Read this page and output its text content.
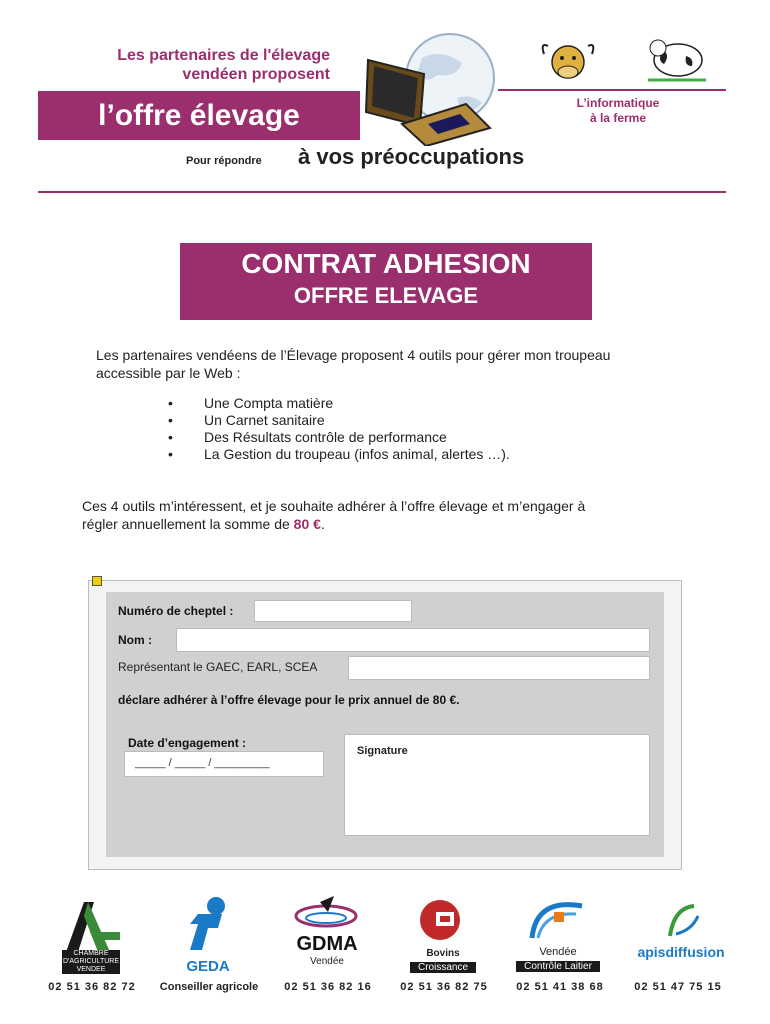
Les partenaires de l'élevage
vendéen proposent
l’offre élevage	L’informatique
à la ferme
Pour répondre à vos préoccupations
CONTRAT ADHESION
OFFRE ELEVAGE
Les partenaires vendéens de l’Élevage proposent 4 outils pour gérer mon troupeau
accessible par le Web :
•	Une Compta matière
•	Un Carnet sanitaire
•	Des Résultats contrôle de performance
•	La Gestion du troupeau (infos animal, alertes …).
Ces 4 outils m’intéressent, et je souhaite adhérer à l’offre élevage et m’engager à
régler annuellement la somme de 80 €.
Numéro de cheptel :
Nom :
Représentant le GAEC, EARL, SCEA
déclare adhérer à l’offre élevage pour le prix annuel de 80 €.
Date d’engagement :
_____ / _____ / _________
Signature
CHAMBRE D'AGRICULTURE VENDEE	GEDA
GDMA
Vendée
Bovins
Croissance
Vendée
Contrôle Laitier
apisdiffusion
02 51 36 82 72	Conseiller agricole	02 51 36 82 16	02 51 36 82 75	02 51 41 38 68	02 51 47 75 15
